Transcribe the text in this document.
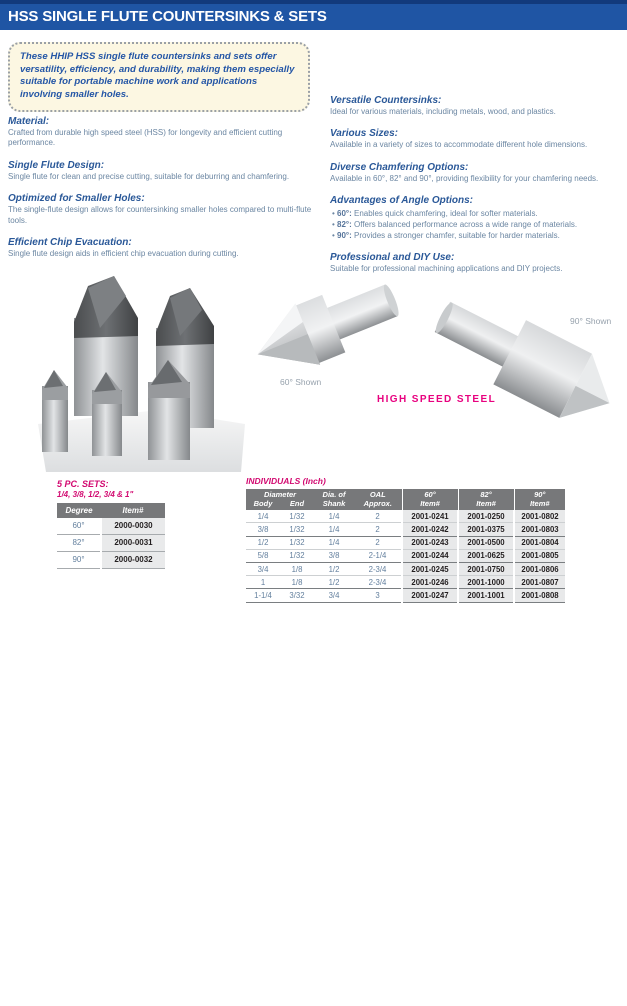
HSS SINGLE FLUTE COUNTERSINKS & SETS
These HHIP HSS single flute countersinks and sets offer versatility, efficiency, and durability, making them especially suitable for portable machine work and applications involving smaller holes.
Material:
Crafted from durable high speed steel (HSS) for longevity and efficient cutting performance.
Single Flute Design:
Single flute for clean and precise cutting, suitable for deburring and chamfering.
Optimized for Smaller Holes:
The single-flute design allows for countersinking smaller holes compared to multi-flute tools.
Efficient Chip Evacuation:
Single flute design aids in efficient chip evacuation during cutting.
Versatile Countersinks:
Ideal for various materials, including metals, wood, and plastics.
Various Sizes:
Available in a variety of sizes to accommodate different hole dimensions.
Diverse Chamfering Options:
Available in 60°, 82° and 90°, providing flexibility for your chamfering needs.
Advantages of Angle Options:
• 60°: Enables quick chamfering, ideal for softer materials.
• 82°: Offers balanced performance across a wide range of materials.
• 90°: Provides a stronger chamfer, suitable for harder materials.
Professional and DIY Use:
Suitable for professional machining applications and DIY projects.
60° Shown
90° Shown
HIGH SPEED STEEL
5 PC. SETS:
1/4, 3/8, 1/2, 3/4 & 1"
Degree	Item#
60°	2000-0030
82°	2000-0031
90°	2000-0032
INDIVIDUALS (Inch)
Diameter		Dia. of	OAL	60°	82°	90°
Body	End	Shank	Approx.	Item#	Item#	Item#
1/4	1/32	1/4	2	2001-0241	2001-0250	2001-0802
3/8	1/32	1/4	2	2001-0242	2001-0375	2001-0803
1/2	1/32	1/4	2	2001-0243	2001-0500	2001-0804
5/8	1/32	3/8	2-1/4	2001-0244	2001-0625	2001-0805
3/4	1/8	1/2	2-3/4	2001-0245	2001-0750	2001-0806
1	1/8	1/2	2-3/4	2001-0246	2001-1000	2001-0807
1-1/4	3/32	3/4	3	2001-0247	2001-1001	2001-0808
